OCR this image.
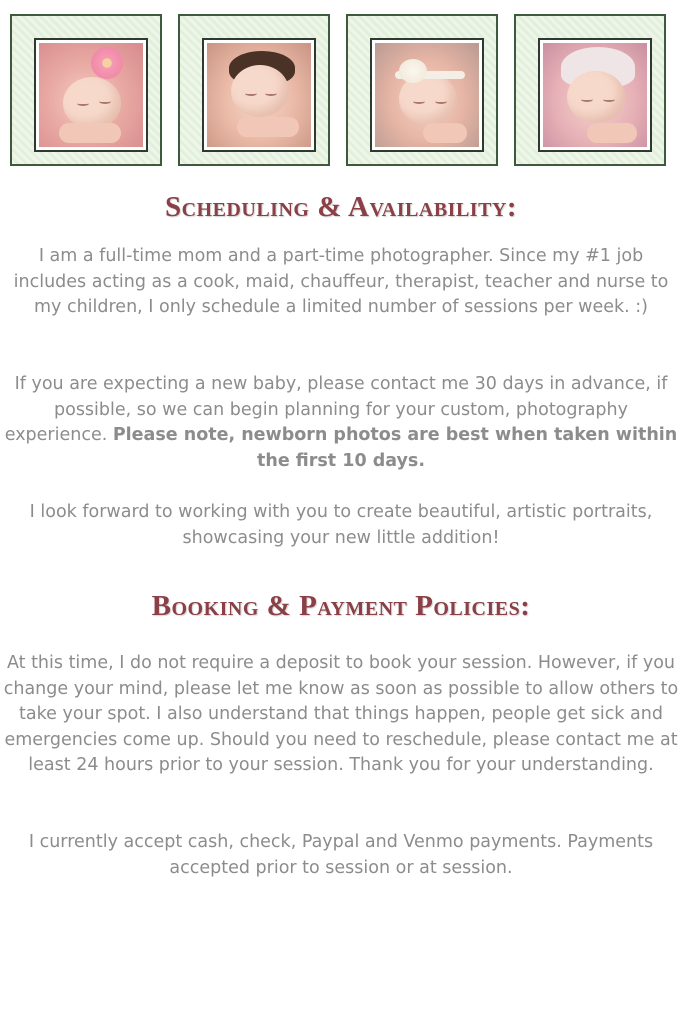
Scheduling & Availability:

I am a full-time mom and a part-time photographer. Since my #1 job includes acting as a cook, maid, chauffeur, therapist, teacher and nurse to my children, I only schedule a limited number of sessions per week. :)

If you are expecting a new baby, please contact me 30 days in advance, if possible, so we can begin planning for your custom, photography experience. Please note, newborn photos are best when taken within the first 10 days.

I look forward to working with you to create beautiful, artistic portraits, showcasing your new little addition!

Booking & Payment Policies:

At this time, I do not require a deposit to book your session. However, if you change your mind, please let me know as soon as possible to allow others to take your spot. I also understand that things happen, people get sick and emergencies come up. Should you need to reschedule, please contact me at least 24 hours prior to your session. Thank you for your understanding.

I currently accept cash, check, Paypal and Venmo payments. Payments accepted prior to session or at session.
